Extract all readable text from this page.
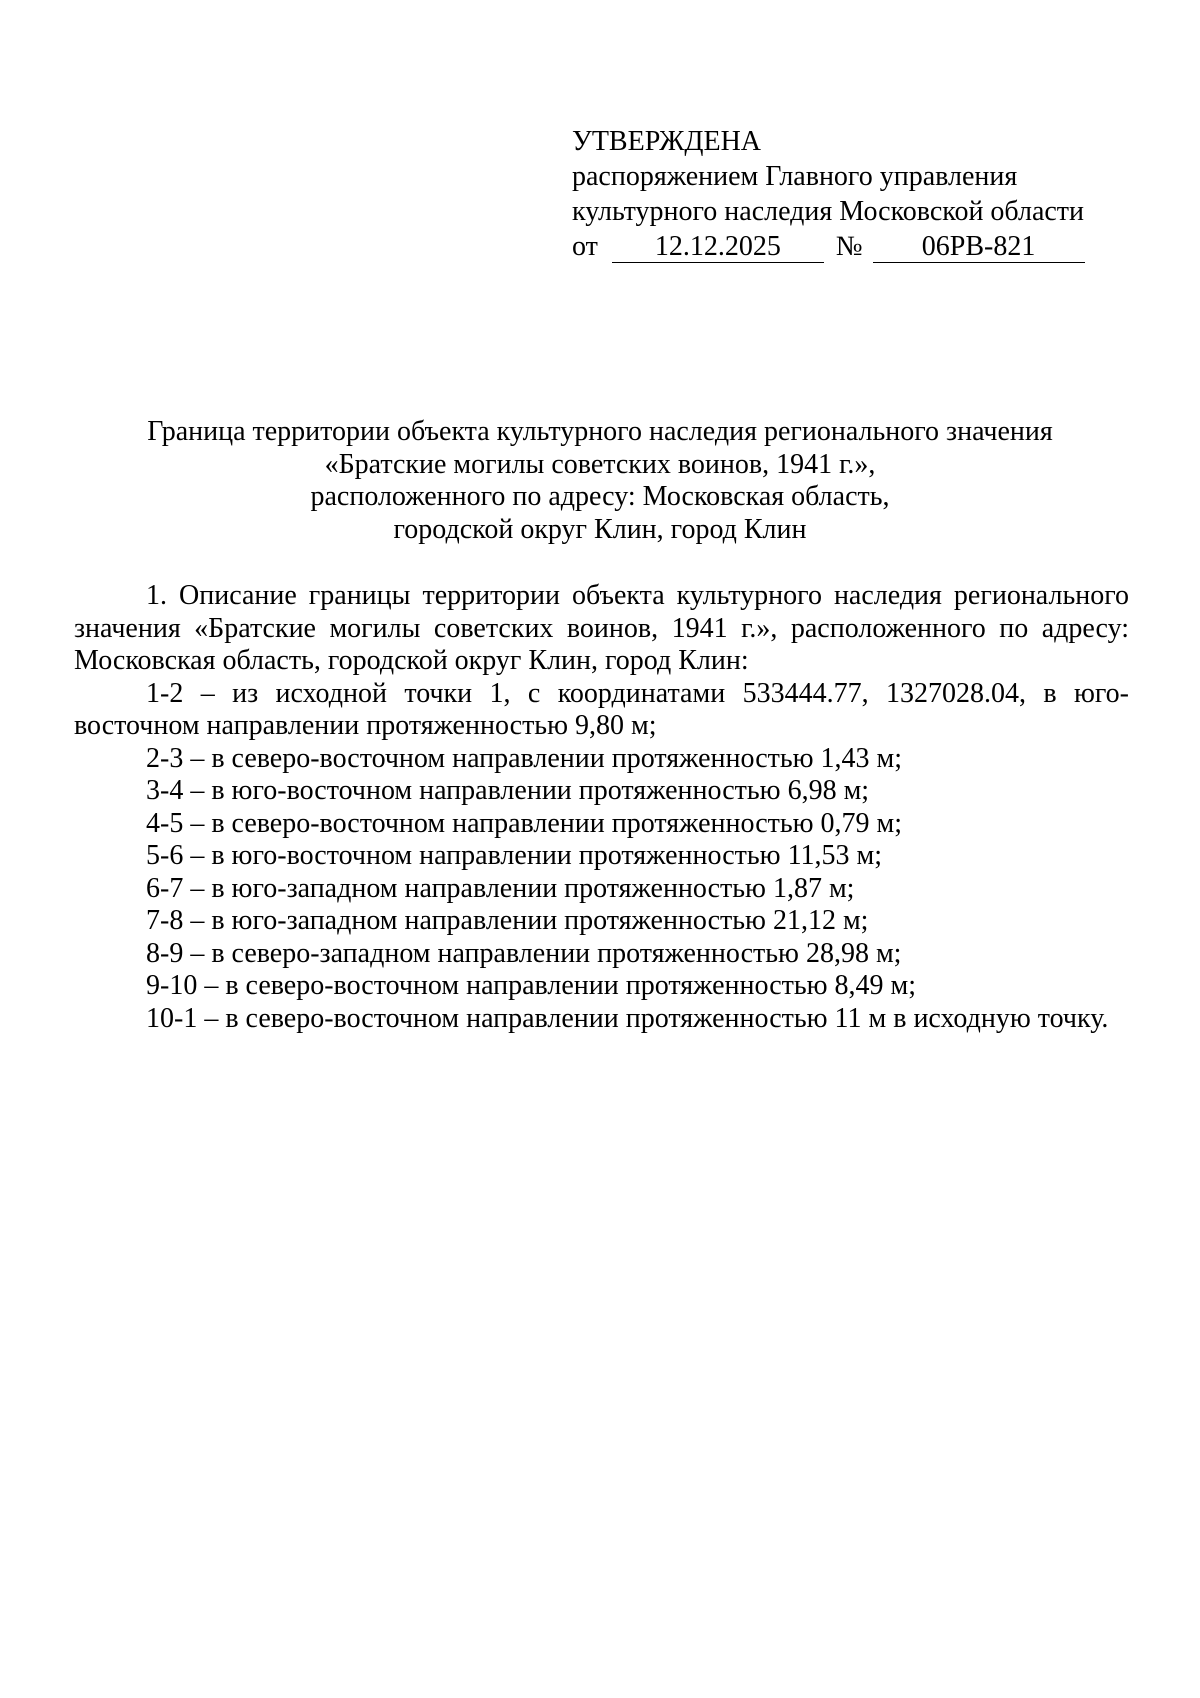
УТВЕРЖДЕНА
распоряжением Главного управления
культурного наследия Московской области
от	12.12.2025	№	06РВ-821
Граница территории объекта культурного наследия регионального значения
«Братские могилы советских воинов, 1941 г.»,
расположенного по адресу: Московская область,
городской округ Клин, город Клин

1. Описание границы территории объекта культурного наследия регионального значения «Братские могилы советских воинов, 1941 г.», расположенного по адресу: Московская область, городской округ Клин, город Клин:

1-2 – из исходной точки 1, с координатами 533444.77, 1327028.04, в юго-восточном направлении протяженностью 9,80 м;

2-3 – в северо-восточном направлении протяженностью 1,43 м;

3-4 – в юго-восточном направлении протяженностью 6,98 м;

4-5 – в северо-восточном направлении протяженностью 0,79 м;

5-6 – в юго-восточном направлении протяженностью 11,53 м;

6-7 – в юго-западном направлении протяженностью 1,87 м;

7-8 – в юго-западном направлении протяженностью 21,12 м;

8-9 – в северо-западном направлении протяженностью 28,98 м;

9-10 – в северо-восточном направлении протяженностью 8,49 м;

10-1 – в северо-восточном направлении протяженностью 11 м в исходную точку.
